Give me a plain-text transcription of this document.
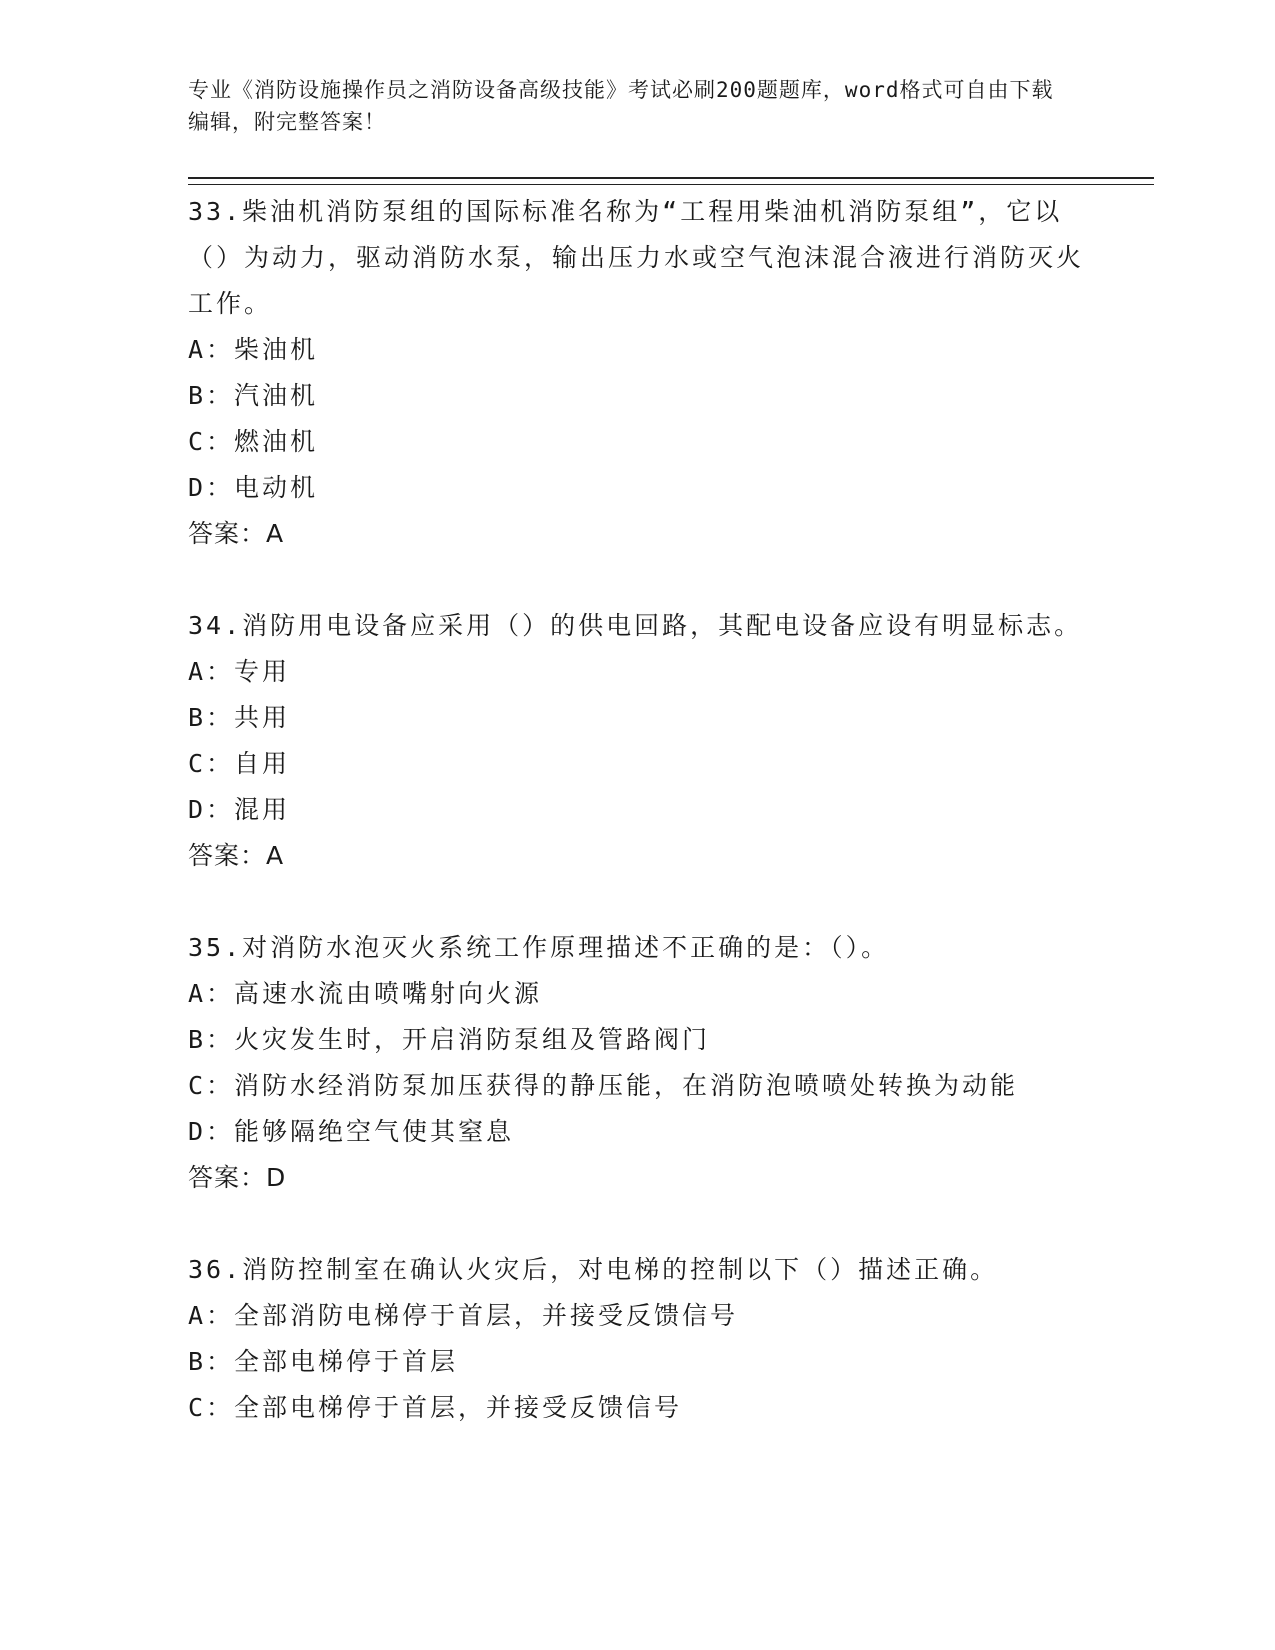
专业《消防设施操作员之消防设备高级技能》考试必刷200题题库，word格式可自由下载编辑，附完整答案！

33.柴油机消防泵组的国际标准名称为“工程用柴油机消防泵组”，它以（）为动力，驱动消防水泵，输出压力水或空气泡沫混合液进行消防灭火工作。

A：柴油机

B：汽油机

C：燃油机

D：电动机

答案：A

34.消防用电设备应采用（）的供电回路，其配电设备应设有明显标志。

A：专用

B：共用

C：自用

D：混用

答案：A

35.对消防水泡灭火系统工作原理描述不正确的是：（）。

A：高速水流由喷嘴射向火源

B：火灾发生时，开启消防泵组及管路阀门

C：消防水经消防泵加压获得的静压能，在消防泡喷喷处转换为动能

D：能够隔绝空气使其窒息

答案：D

36.消防控制室在确认火灾后，对电梯的控制以下（）描述正确。

A：全部消防电梯停于首层，并接受反馈信号

B：全部电梯停于首层

C：全部电梯停于首层，并接受反馈信号
